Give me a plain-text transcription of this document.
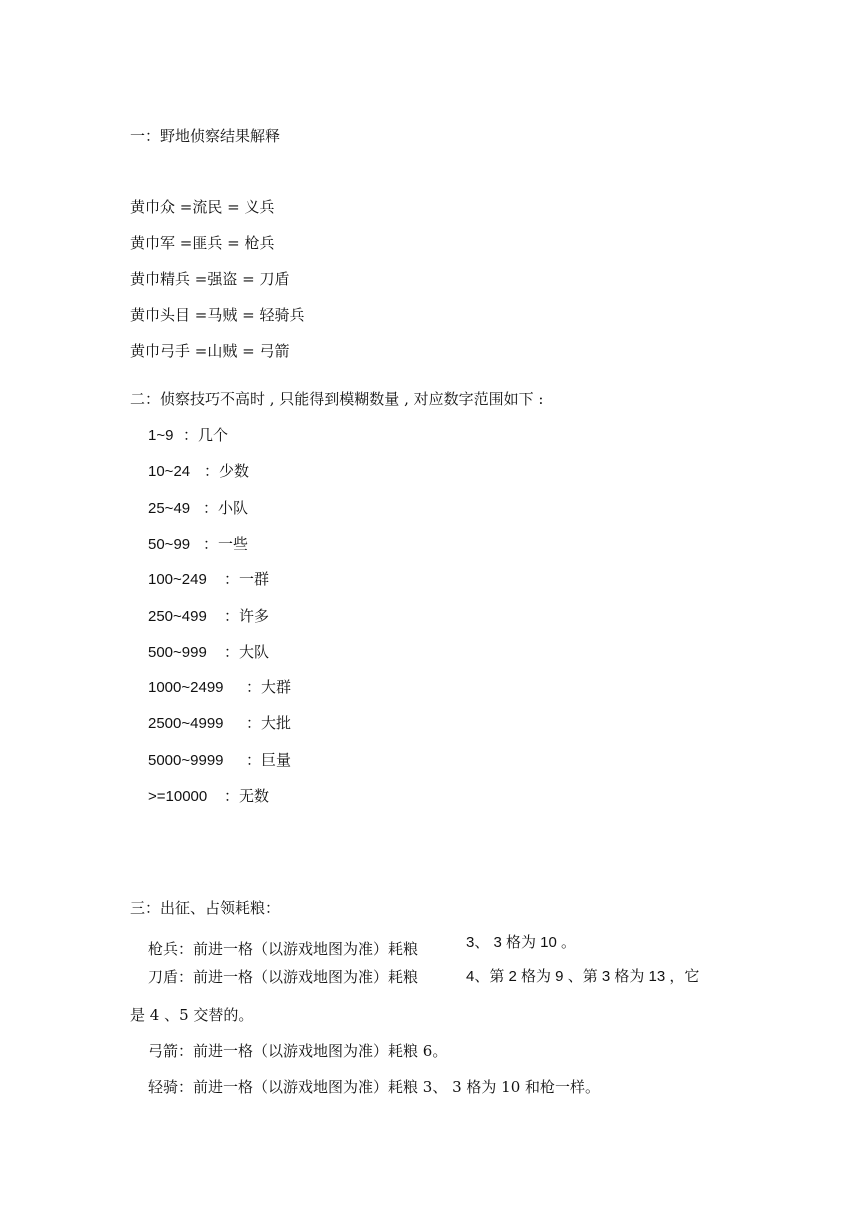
一：野地侦察结果解释
黄巾众 =流民 = 义兵
黄巾军 =匪兵 = 枪兵
黄巾精兵 =强盗 = 刀盾
黄巾头目 =马贼 = 轻骑兵
黄巾弓手 =山贼 = 弓箭
二：侦察技巧不高时 , 只能得到模糊数量 , 对应数字范围如下 :
1~9 ：几个
10~24 ：少数
25~49 ：小队
50~99 ：一些
100~249 ：一群
250~499 ：许多
500~999 ：大队
1000~2499 ：大群
2500~4999 ：大批
5000~9999 ：巨量
>=10000 ：无数
三：出征、占领耗粮：
枪兵：前进一格（以游戏地图为准）耗粮	3、 3 格为 10 。
刀盾：前进一格（以游戏地图为准）耗粮	4、第 2 格为 9 、第 3 格为 13 ，它
是 4 、5 交替的。
弓箭：前进一格（以游戏地图为准）耗粮 6。
轻骑：前进一格（以游戏地图为准）耗粮 3、 3 格为 10 和枪一样。
